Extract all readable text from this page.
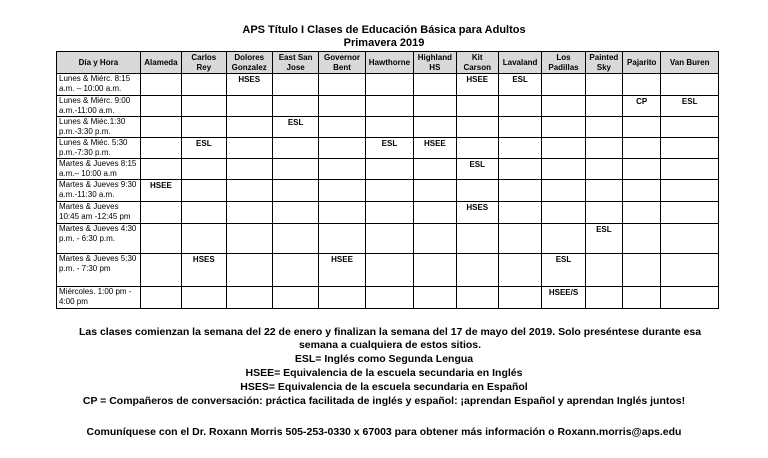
APS Título I Clases de Educación Básica para Adultos
Primavera 2019
Día y Hora	Alameda	Carlos Rey	Dolores Gonzalez	East San Jose	Governor Bent	Hawthorne	Highland HS	Kit Carson	Lavaland	Los Padillas	Painted Sky	Pajarito	Van Buren
Lunes & Miérc. 8:15 a.m. – 10:00 a.m.			HSES					HSEE	ESL				
Lunes & Miérc. 9:00 a.m.-11:00 a.m.												CP	ESL
Lunes & Miéc.1:30 p.m.-3:30 p.m.				ESL									
Lunes & Miéc. 5:30 p.m.-7:30 p.m.		ESL				ESL	HSEE						
Martes & Jueves 8:15 a.m.– 10:00 a.m								ESL					
Martes & Jueves 9:30 a.m.-11:30 a.m.	HSEE												
Martes & Jueves 10:45 am -12:45 pm								HSES					
Martes & Jueves 4:30 p.m. - 6:30 p.m.											ESL		
Martes & Jueves 5:30 p.m. - 7:30 pm		HSES			HSEE					ESL			
Miércoles. 1:00 pm - 4:00 pm										HSEE/S			
Las clases comienzan la semana del 22 de enero y finalizan la semana del 17 de mayo del 2019. Solo preséntese durante esa semana a cualquiera de estos sitios.
ESL= Inglés como Segunda Lengua
HSEE= Equivalencia de la escuela secundaria en Inglés
HSES= Equivalencia de la escuela secundaria en Español
CP = Compañeros de conversación: práctica facilitada de inglés y español: ¡aprendan Español y aprendan Inglés juntos!
Comuníquese con el Dr. Roxann Morris 505-253-0330 x 67003 para obtener más información o Roxann.morris@aps.edu
